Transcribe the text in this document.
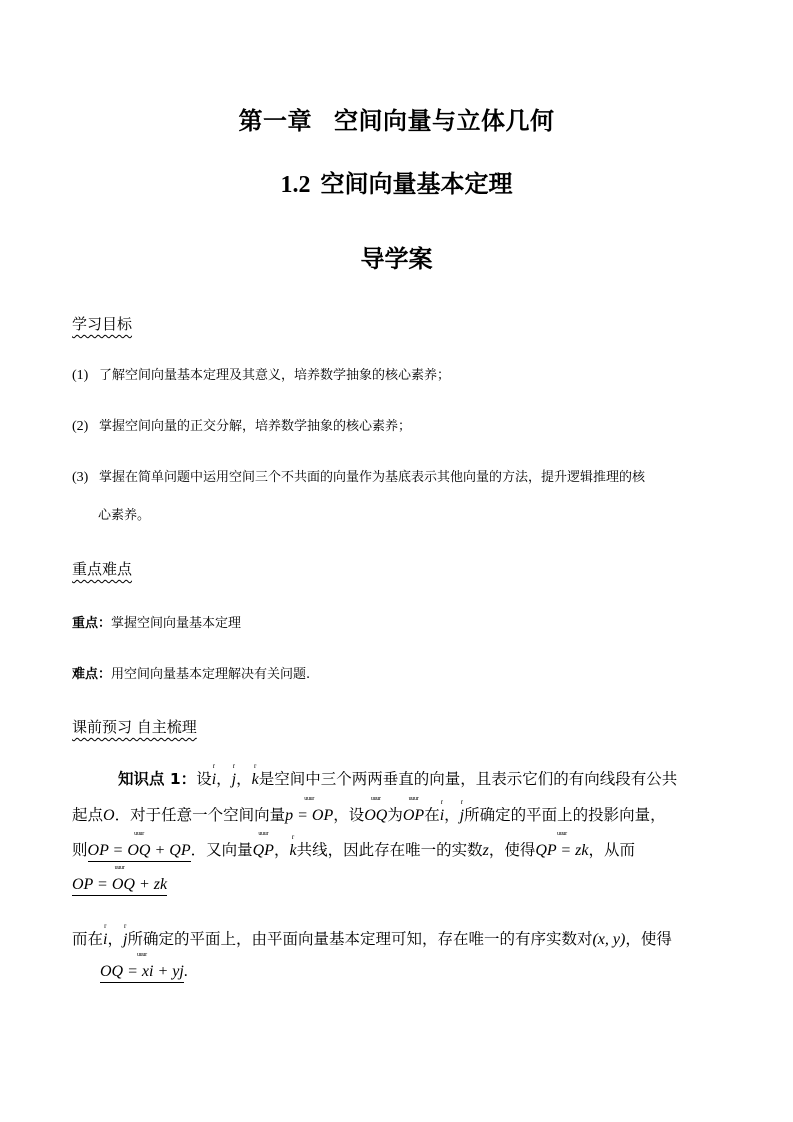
第一章 空间向量与立体几何
1.2 空间向量基本定理
导学案
学习目标
(1) 了解空间向量基本定理及其意义，培养数学抽象的核心素养；
(2) 掌握空间向量的正交分解，培养数学抽象的核心素养；
(3) 掌握在简单问题中运用空间三个不共面的向量作为基底表示其他向量的方法，提升逻辑推理的核
心素养。
重点难点
重点：掌握空间向量基本定理
难点：用空间向量基本定理解决有关问题.
课前预习 自主梳理
知识点 1：设r i，r j，r k是空间中三个两两垂直的向量，且表示它们的有向线段有公共
起点O．对于任意一个空间向量p = OP uuur，设OQ uuur为OP uuur在r i，r j所确定的平面上的投影向量，
则OP = OQ + QP uuur．又向量QP uuur，r k共线，因此存在唯一的实数z，使得QP = zk uuur，从而
OP = OQ + zk uuur
而在r i，r j所确定的平面上，由平面向量基本定理可知，存在唯一的有序实数对(x, y)，使得
OQ = xi + yj uuur.
